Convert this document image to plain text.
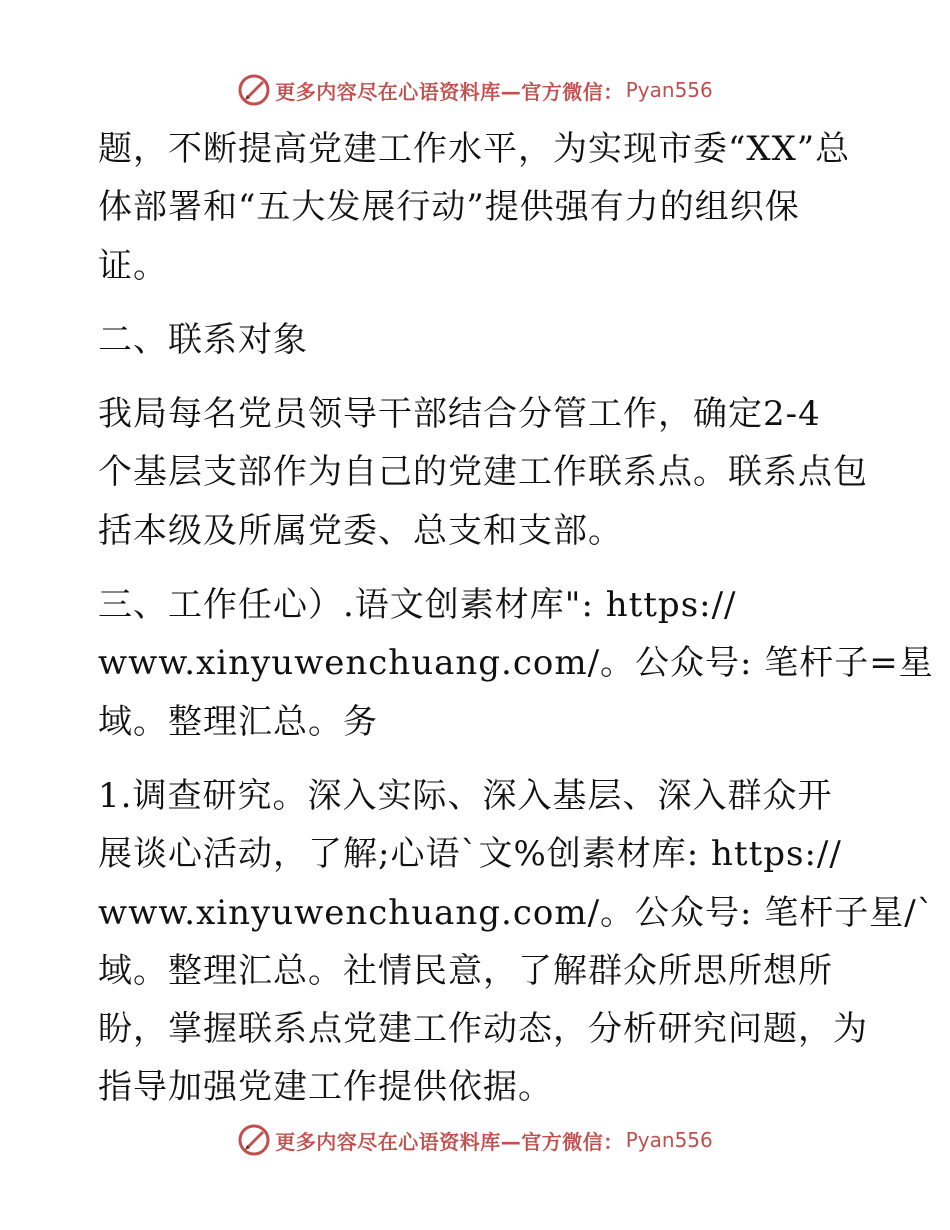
更多内容尽在心语资料库—官方微信： Pyan556
题，不断提高党建工作水平，为实现市委“XX”总
体部署和“五大发展行动”提供强有力的组织保
证。
二、联系对象
我局每名党员领导干部结合分管工作，确定2-4
个基层支部作为自己的党建工作联系点。联系点包
括本级及所属党委、总支和支部。
三、工作任心）.语文创素材库": https://
www.xinyuwenchuang.com/。公众号: 笔杆子=星
域。整理汇总。务
1.调查研究。深入实际、深入基层、深入群众开
展谈心活动，了解;心语`文%创素材库: https://
www.xinyuwenchuang.com/。公众号: 笔杆子星/`
域。整理汇总。社情民意，了解群众所思所想所
盼，掌握联系点党建工作动态，分析研究问题，为
指导加强党建工作提供依据。
更多内容尽在心语资料库—官方微信： Pyan556
